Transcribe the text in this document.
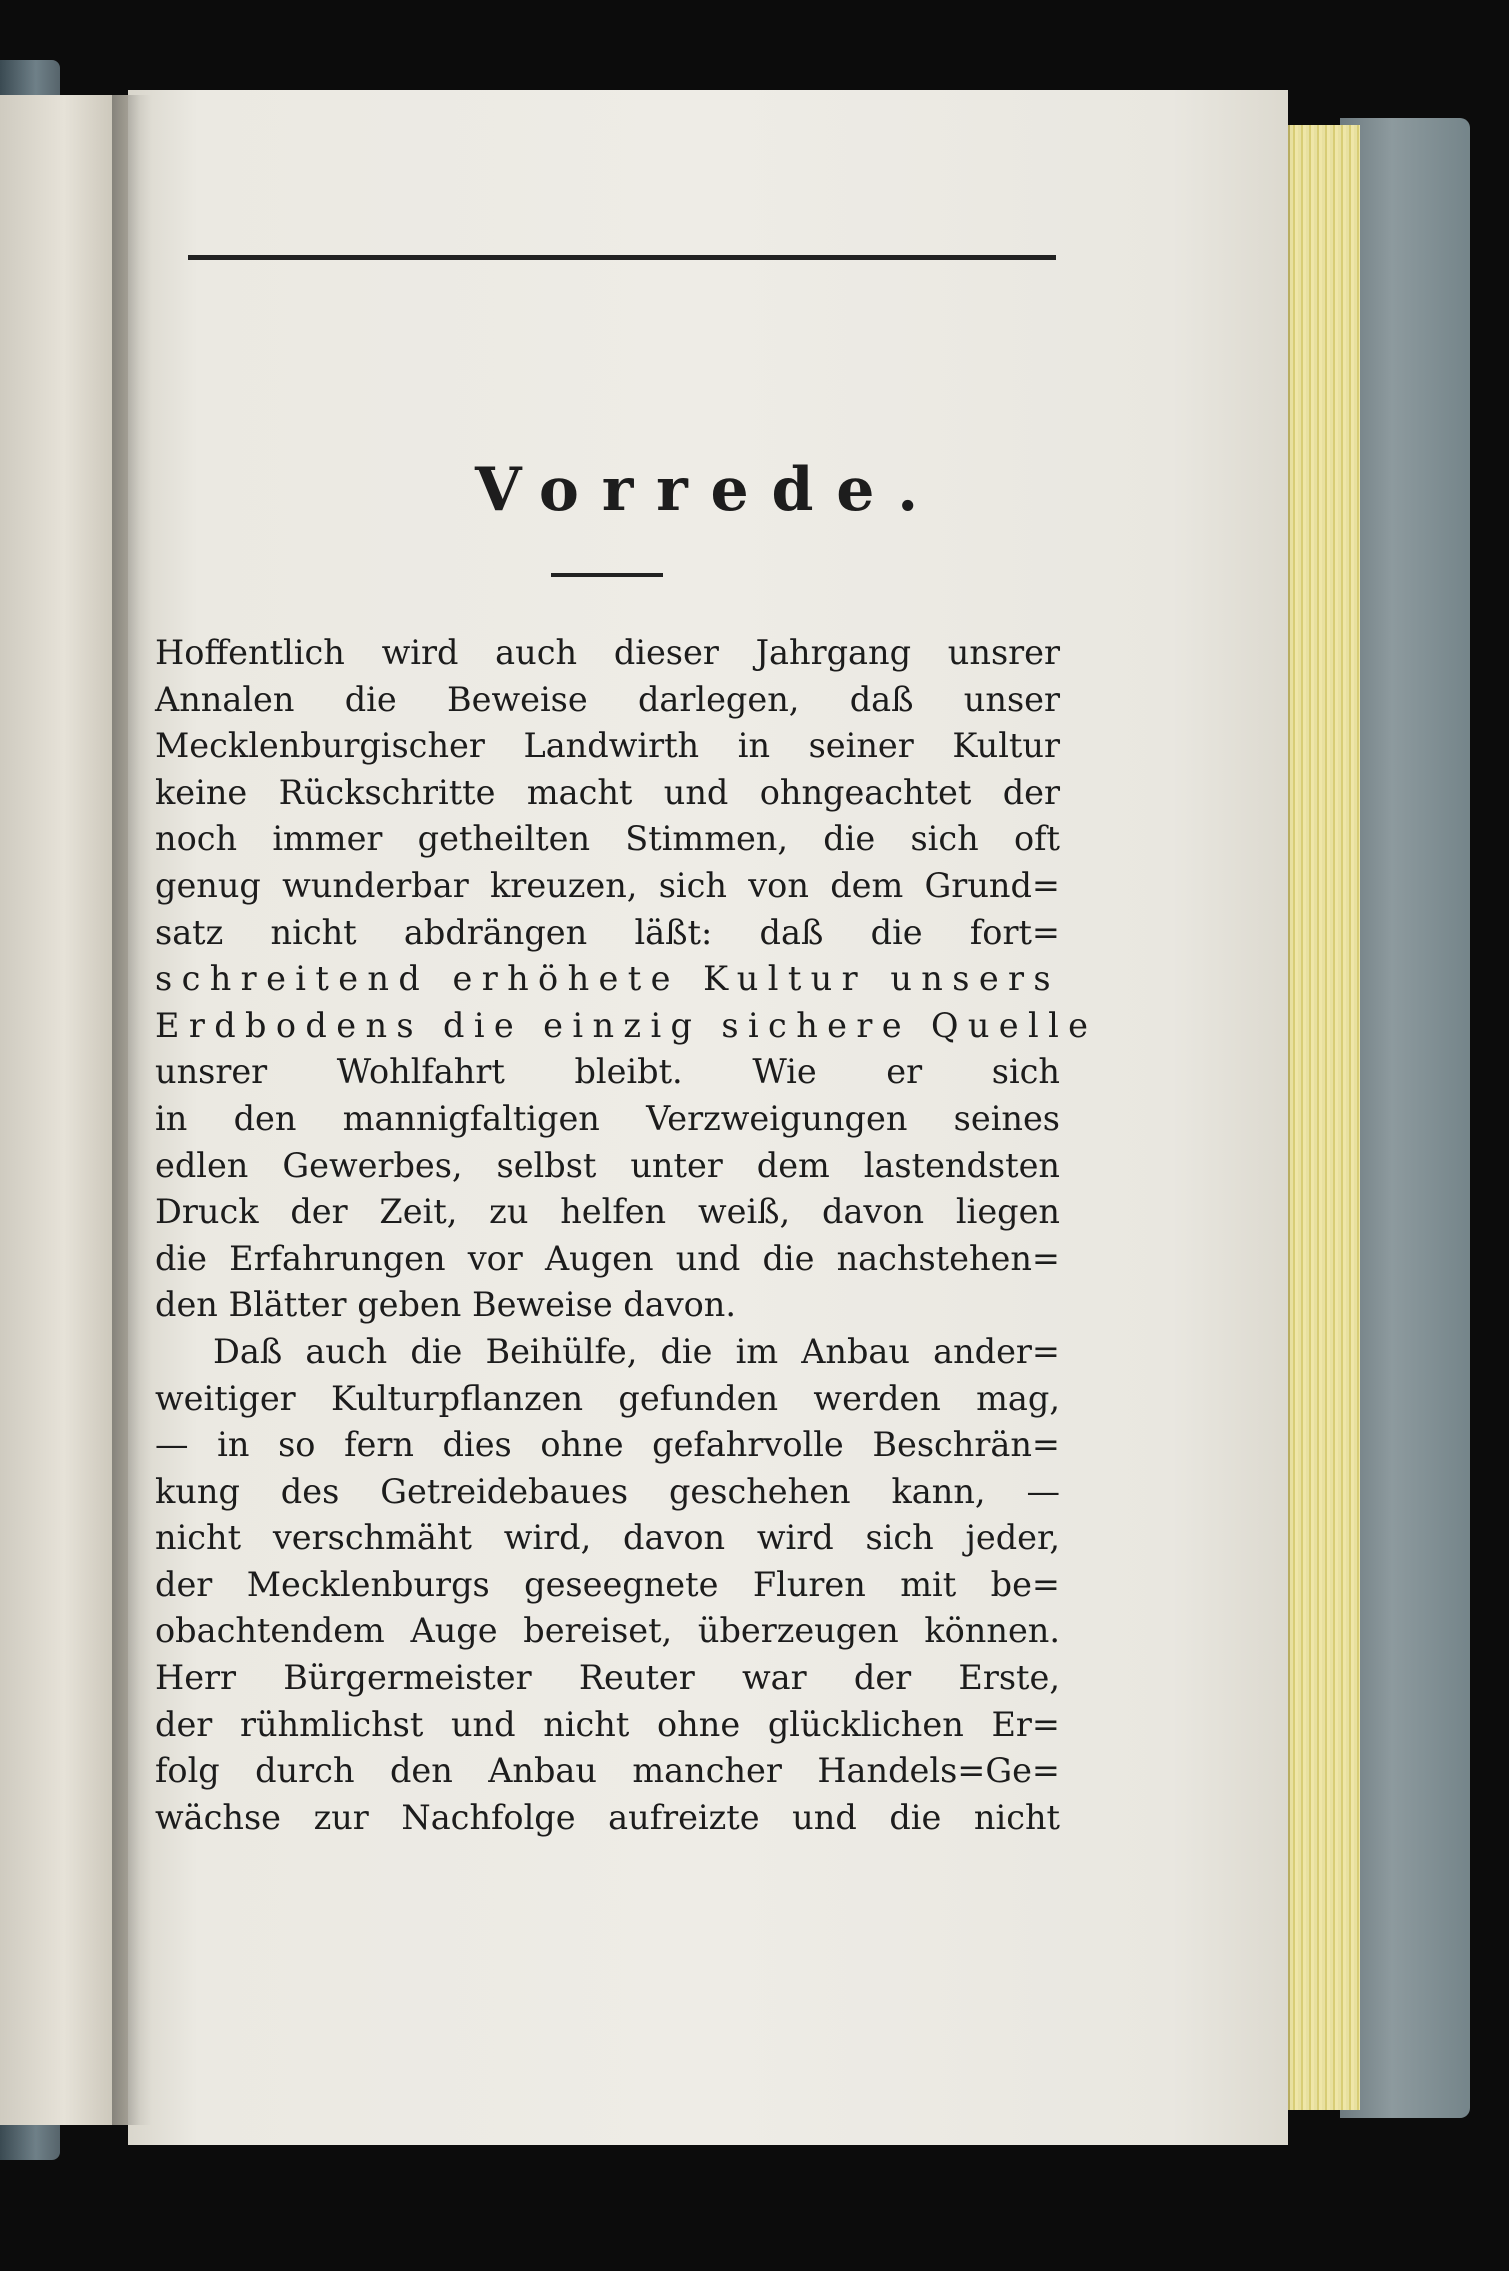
Vorrede.
Hoffentlich wird auch dieser Jahrgang unsrer
Annalen die Beweise darlegen, daß unser
Mecklenburgischer Landwirth in seiner Kultur
keine Rückschritte macht und ohngeachtet der
noch immer getheilten Stimmen, die sich oft
genug wunderbar kreuzen, sich von dem Grund=
satz nicht abdrängen läßt: daß die fort=
schreitend erhöhete Kultur unsers
Erdbodens die einzig sichere Quelle
unsrer Wohlfahrt bleibt. Wie er sich
in den mannigfaltigen Verzweigungen seines
edlen Gewerbes, selbst unter dem lastendsten
Druck der Zeit, zu helfen weiß, davon liegen
die Erfahrungen vor Augen und die nachstehen=
den Blätter geben Beweise davon.
Daß auch die Beihülfe, die im Anbau ander=
weitiger Kulturpflanzen gefunden werden mag,
— in so fern dies ohne gefahrvolle Beschrän=
kung des Getreidebaues geschehen kann, —
nicht verschmäht wird, davon wird sich jeder,
der Mecklenburgs geseegnete Fluren mit be=
obachtendem Auge bereiset, überzeugen können.
Herr Bürgermeister Reuter war der Erste,
der rühmlichst und nicht ohne glücklichen Er=
folg durch den Anbau mancher Handels=Ge=
wächse zur Nachfolge aufreizte und die nicht
